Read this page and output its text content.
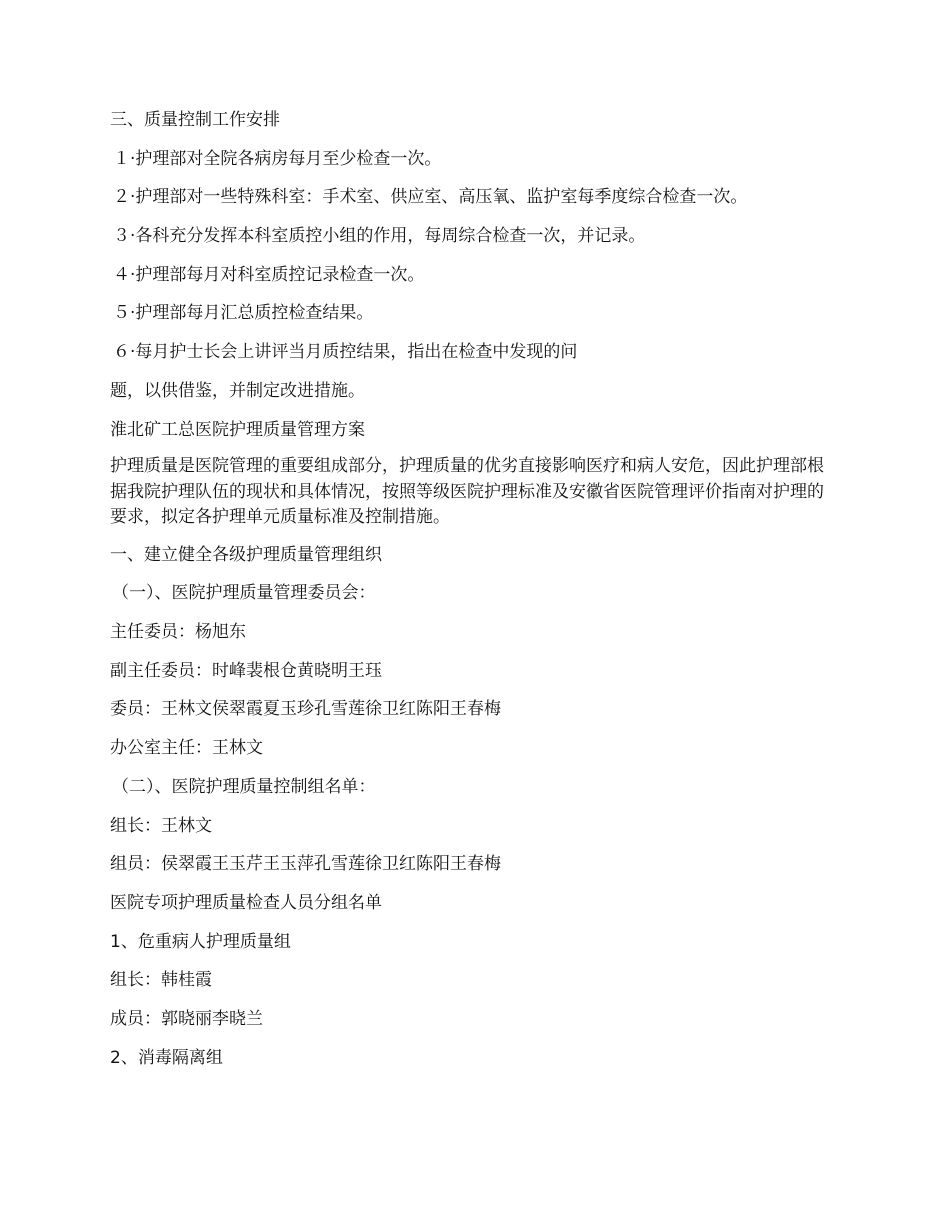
三、质量控制工作安排
１·护理部对全院各病房每月至少检查一次。
２·护理部对一些特殊科室：手术室、供应室、高压氧、监护室每季度综合检查一次。
３·各科充分发挥本科室质控小组的作用，每周综合检查一次，并记录。
４·护理部每月对科室质控记录检查一次。
５·护理部每月汇总质控检查结果。
６·每月护士长会上讲评当月质控结果，指出在检查中发现的问
题，以供借鉴，并制定改进措施。
淮北矿工总医院护理质量管理方案
护理质量是医院管理的重要组成部分，护理质量的优劣直接影响医疗和病人安危，因此护理部根据我院护理队伍的现状和具体情况，按照等级医院护理标准及安徽省医院管理评价指南对护理的要求，拟定各护理单元质量标准及控制措施。
一、建立健全各级护理质量管理组织
（一）、医院护理质量管理委员会：
主任委员：杨旭东
副主任委员：时峰裴根仓黄晓明王珏
委员：王林文侯翠霞夏玉珍孔雪莲徐卫红陈阳王春梅
办公室主任：王林文
（二）、医院护理质量控制组名单：
组长：王林文
组员：侯翠霞王玉芹王玉萍孔雪莲徐卫红陈阳王春梅
医院专项护理质量检查人员分组名单
1、危重病人护理质量组
组长：韩桂霞
成员：郭晓丽李晓兰
2、消毒隔离组
